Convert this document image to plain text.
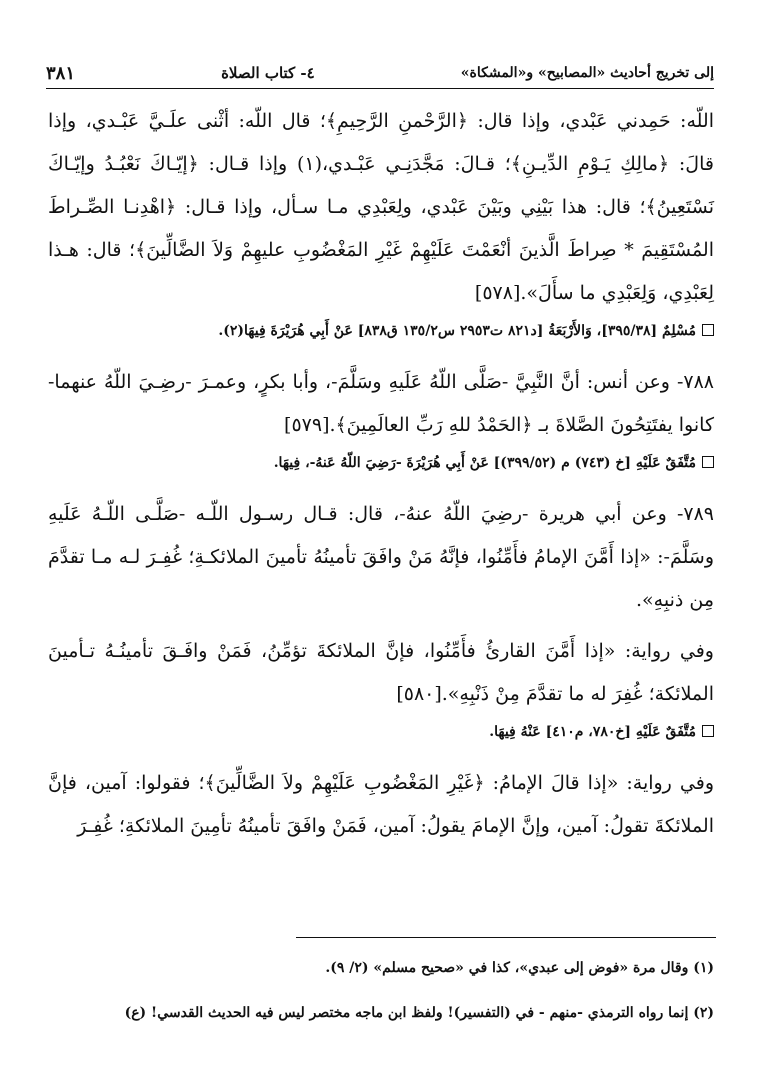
إلى تخريج أحاديث «المصابيح» و«المشكاة»
٤- كتاب الصلاة
٣٨١

اللّه: حَمِدني عَبْدي، وإذا قال: ﴿الرَّحْمنِ الرَّحِيمِ﴾؛ قال اللّه: أثْنى علَـيَّ عَبْـدي، وإذا قالَ: ﴿مالِكِ يَـوْمِ الدِّيـنِ﴾؛ قـالَ: مَجَّدَنِـي عَبْـدي،(١) وإذا قـال: ﴿إيّـاكَ نَعْبُـدُ وإيّـاكَ نَسْتَعِينُ﴾؛ قال: هذا بَيْنِي وبَيْنَ عَبْدي، ولِعَبْدِي مـا سـأل، وإذا قـال: ﴿اهْدِنـا الصِّـراطَ المُسْتَقِيمَ * صِراطَ الَّذينَ أنْعَمْتَ عَلَيْهِمْ غَيْرِ المَغْضُوبِ عليهِمْ وَلاَ الضَّالِّينَ﴾؛ قال: هـذا لِعَبْدِي، وَلِعَبْدِي ما سأَلَ».[٥٧٨]

مُسْلِمٌ [٣٩٥/٣٨]، وَالأَرْبَعَةُ [د٨٢١ ت٢٩٥٣ س١٣٥/٢ ق٨٣٨] عَنْ أَبِي هُرَيْرَةَ فِيهَا(٢).

٧٨٨- وعن أنس: أنَّ النَّبِيَّ -صَلَّى اللّهُ عَلَيهِ وسَلَّمَ-، وأبا بكرٍ، وعمـرَ -رضِـيَ اللّهُ عنهما- كانوا يفتَتِحُونَ الصَّلاةَ بـ ﴿الحَمْدُ للهِ رَبِّ العالَمِينَ﴾.[٥٧٩]

مُتَّفَقٌ عَلَيْهِ [خ (٧٤٣) م (٣٩٩/٥٢)] عَنْ أَبِي هُرَيْرَةَ -رَضِيَ اللّهُ عَنهُ-، فِيهَا.

٧٨٩- وعن أبي هريرة -رضِيَ اللّهُ عنهُ-، قال: قـال رسـول اللّـه -صَلَّـى اللّـهُ عَلَيهِ وسَلَّمَ-: «إذا أَمَّنَ الإمامُ فأَمِّنُوا، فإنَّهُ مَنْ وافَقَ تأمينُهُ تأمينَ الملائكـةِ؛ غُفِـرَ لـه مـا تقدَّمَ مِن ذنبِهِ».

وفي رواية: «إذا أَمَّنَ القارئُ فأَمِّنُوا، فإنَّ الملائكةَ تؤمِّنُ، فَمَنْ وافَـقَ تأمينُـهُ تـأمينَ الملائكة؛ غُفِرَ له ما تقدَّمَ مِنْ ذَنْبِهِ».[٥٨٠]

مُتَّفَقٌ عَلَيْهِ [خ٧٨٠، م٤١٠] عَنْهُ فِيهَا.

وفي رواية: «إذا قالَ الإمامُ: ﴿غَيْرِ المَغْضُوبِ عَلَيْهِمْ ولاَ الضَّالِّينَ﴾؛ فقولوا: آمين، فإنَّ الملائكةَ تقولُ: آمين، وإنَّ الإمامَ يقولُ: آمين، فَمَنْ وافَقَ تأمينُهُ تأمِينَ الملائكةِ؛ غُفِـرَ

(١) وقال مرة «فوض إلى عبدي»، كذا في «صحيح مسلم» (٢/ ٩).
(٢) إنما رواه الترمذي -منهم - في (التفسير)! ولفظ ابن ماجه مختصر ليس فيه الحديث القدسي! (ع)
